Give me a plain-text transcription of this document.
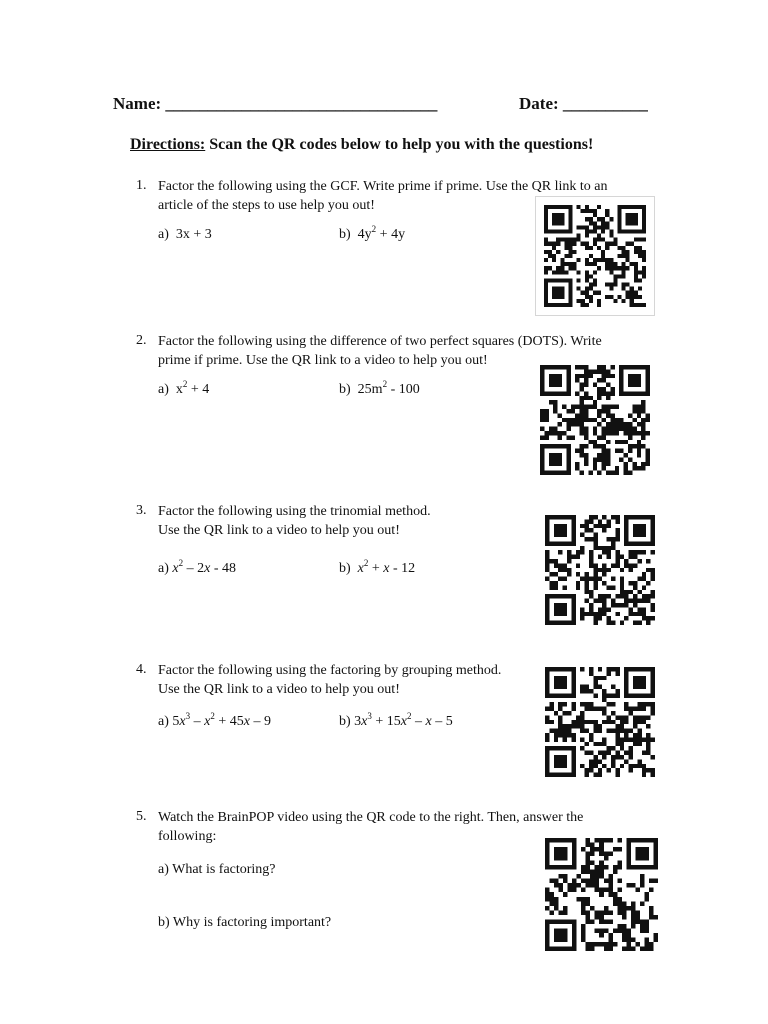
Name: ________________________________	Date: __________
Directions: Scan the QR codes below to help you with the questions!
1. Factor the following using the GCF. Write prime if prime. Use the QR link to an
article of the steps to use help you out!
a) 3x + 3	b) $4y^2 + 4y$
2. Factor the following using the difference of two perfect squares (DOTS). Write
prime if prime. Use the QR link to a video to help you out!
a) $x^2 + 4$	b) $25m^2 - 100$
3. Factor the following using the trinomial method.
Use the QR link to a video to help you out!
a) $x^2 - 2x - 48$	b) $x^2 + x - 12$
4. Factor the following using the factoring by grouping method.
Use the QR link to a video to help you out!
a) $5x^3 - x^2 + 45x - 9$	b) $3x^3 + 15x^2 - x - 5$
5. Watch the BrainPOP video using the QR code to the right. Then, answer the
following:
a) What is factoring?
b) Why is factoring important?
